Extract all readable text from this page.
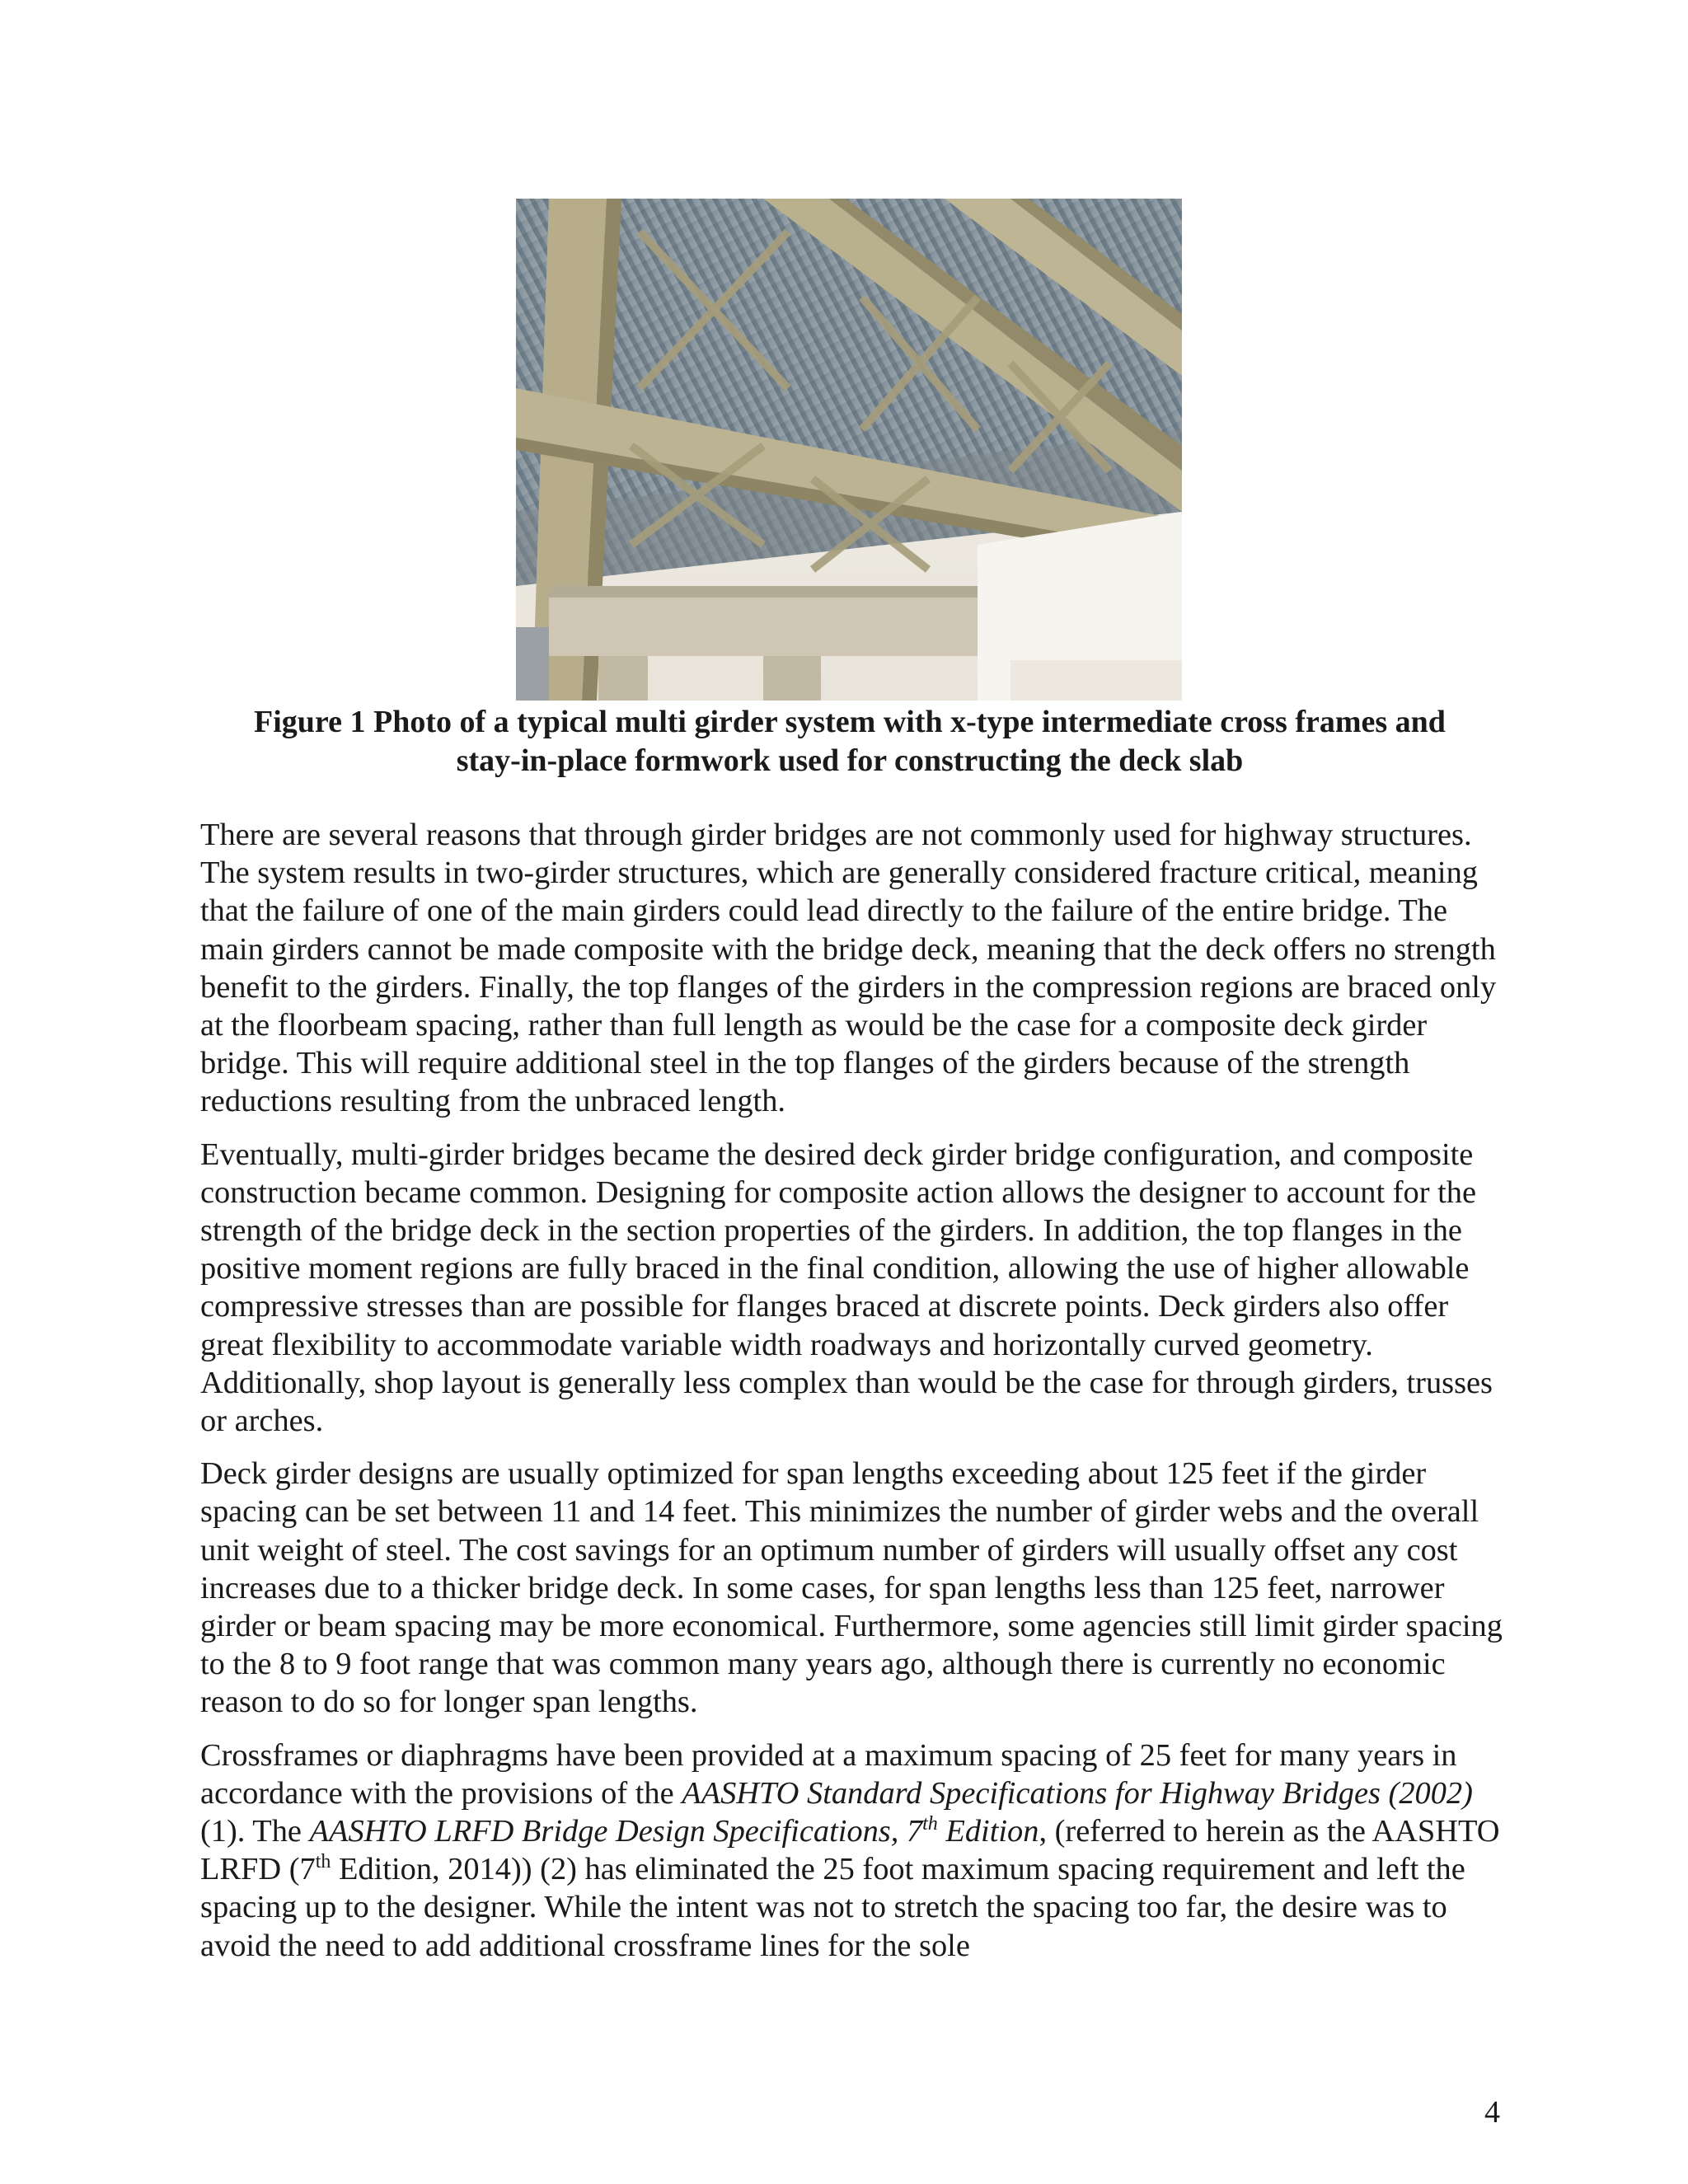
Figure 1 Photo of a typical multi girder system with x-type intermediate cross frames and
stay-in-place formwork used for constructing the deck slab

There are several reasons that through girder bridges are not commonly used for highway structures. The system results in two-girder structures, which are generally considered fracture critical, meaning that the failure of one of the main girders could lead directly to the failure of the entire bridge. The main girders cannot be made composite with the bridge deck, meaning that the deck offers no strength benefit to the girders. Finally, the top flanges of the girders in the compression regions are braced only at the floorbeam spacing, rather than full length as would be the case for a composite deck girder bridge. This will require additional steel in the top flanges of the girders because of the strength reductions resulting from the unbraced length.

Eventually, multi-girder bridges became the desired deck girder bridge configuration, and composite construction became common. Designing for composite action allows the designer to account for the strength of the bridge deck in the section properties of the girders. In addition, the top flanges in the positive moment regions are fully braced in the final condition, allowing the use of higher allowable compressive stresses than are possible for flanges braced at discrete points. Deck girders also offer great flexibility to accommodate variable width roadways and horizontally curved geometry. Additionally, shop layout is generally less complex than would be the case for through girders, trusses or arches.

Deck girder designs are usually optimized for span lengths exceeding about 125 feet if the girder spacing can be set between 11 and 14 feet. This minimizes the number of girder webs and the overall unit weight of steel. The cost savings for an optimum number of girders will usually offset any cost increases due to a thicker bridge deck. In some cases, for span lengths less than 125 feet, narrower girder or beam spacing may be more economical. Furthermore, some agencies still limit girder spacing to the 8 to 9 foot range that was common many years ago, although there is currently no economic reason to do so for longer span lengths.

Crossframes or diaphragms have been provided at a maximum spacing of 25 feet for many years in accordance with the provisions of the AASHTO Standard Specifications for Highway Bridges (2002) (1). The AASHTO LRFD Bridge Design Specifications, 7th Edition, (referred to herein as the AASHTO LRFD (7th Edition, 2014)) (2) has eliminated the 25 foot maximum spacing requirement and left the spacing up to the designer. While the intent was not to stretch the spacing too far, the desire was to avoid the need to add additional crossframe lines for the sole

4
